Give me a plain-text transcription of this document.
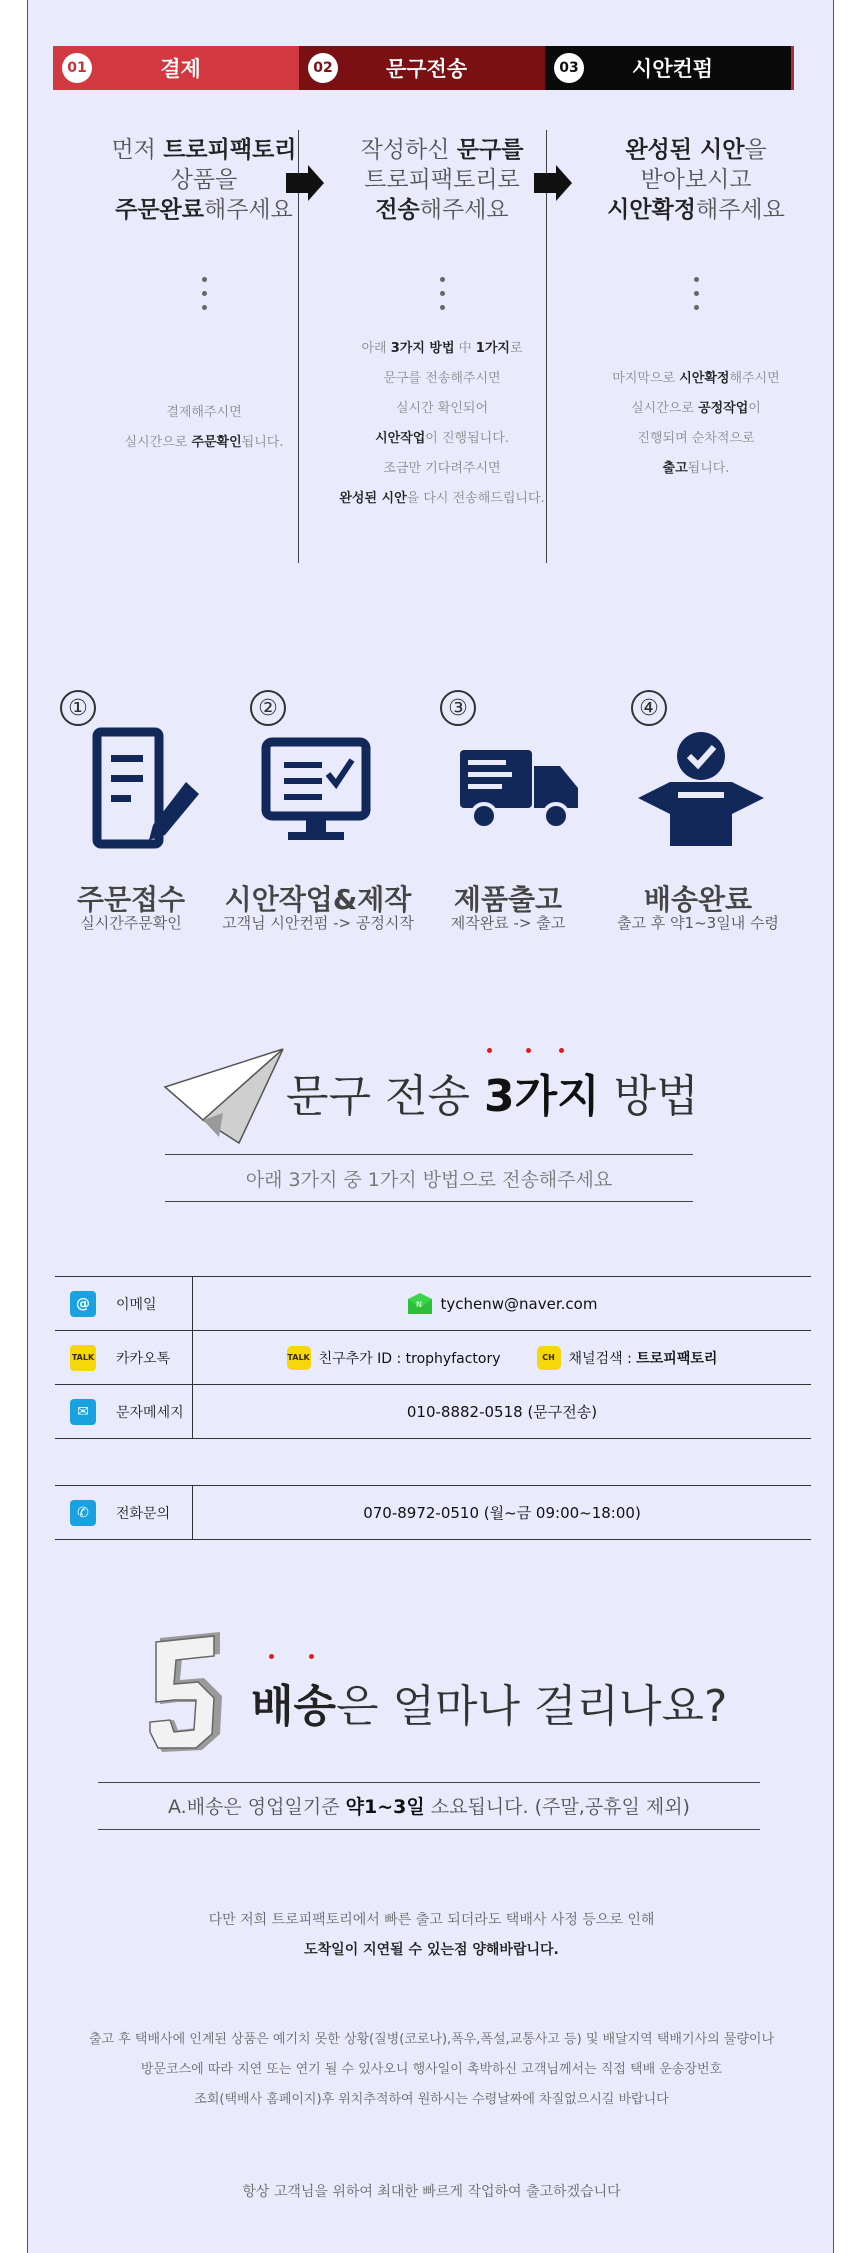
01	결제	02	문구전송	03	시안컨펌
먼저 트로피팩토리
상품을
주문완료해주세요

결제해주시면
실시간으로 주문확인됩니다.

작성하신 문구를
트로피팩토리로
전송해주세요

아래 3가지 방법 中 1가지로
문구를 전송해주시면
실시간 확인되어
시안작업이 진행됩니다.
조금만 기다려주시면
완성된 시안을 다시 전송해드립니다.

완성된 시안을
받아보시고
시안확정해주세요

마지막으로 시안확정해주시면
실시간으로 공정작업이
진행되며 순차적으로
출고됩니다.

①
주문접수
실시간주문확인
②
시안작업&제작
고객님 시안컨펌 -> 공정시작
③
제품출고
제작완료 -> 출고
④
배송완료
출고 후 약1~3일내 수령
문구 전송 3가지 방법
아래 3가지 중 1가지 방법으로 전송해주세요
@	이메일	N tychenw@naver.com
TALK 카카오톡	TALK 친구추가 ID : trophyfactory	CH 채널검색 : 트로피팩토리
✉	문자메세지	010-8882-0518 (문구전송)
✆	전화문의	070-8972-0510 (월~금 09:00~18:00)
5
배송은 얼마나 걸리나요?
A.배송은 영업일기준 약1~3일 소요됩니다. (주말,공휴일 제외)
다만 저희 트로피팩토리에서 빠른 출고 되더라도 택배사 사정 등으로 인해
도착일이 지연될 수 있는점 양해바랍니다.
출고 후 택배사에 인계된 상품은 예기치 못한 상황(질병(코로나),폭우,폭설,교통사고 등) 및 배달지역 택배기사의 물량이나
방문코스에 따라 지연 또는 연기 될 수 있사오니 행사일이 촉박하신 고객님께서는 직접 택배 운송장번호
조회(택배사 홈페이지)후 위치추적하여 원하시는 수령날짜에 차질없으시길 바랍니다
항상 고객님을 위하여 최대한 빠르게 작업하여 출고하겠습니다
